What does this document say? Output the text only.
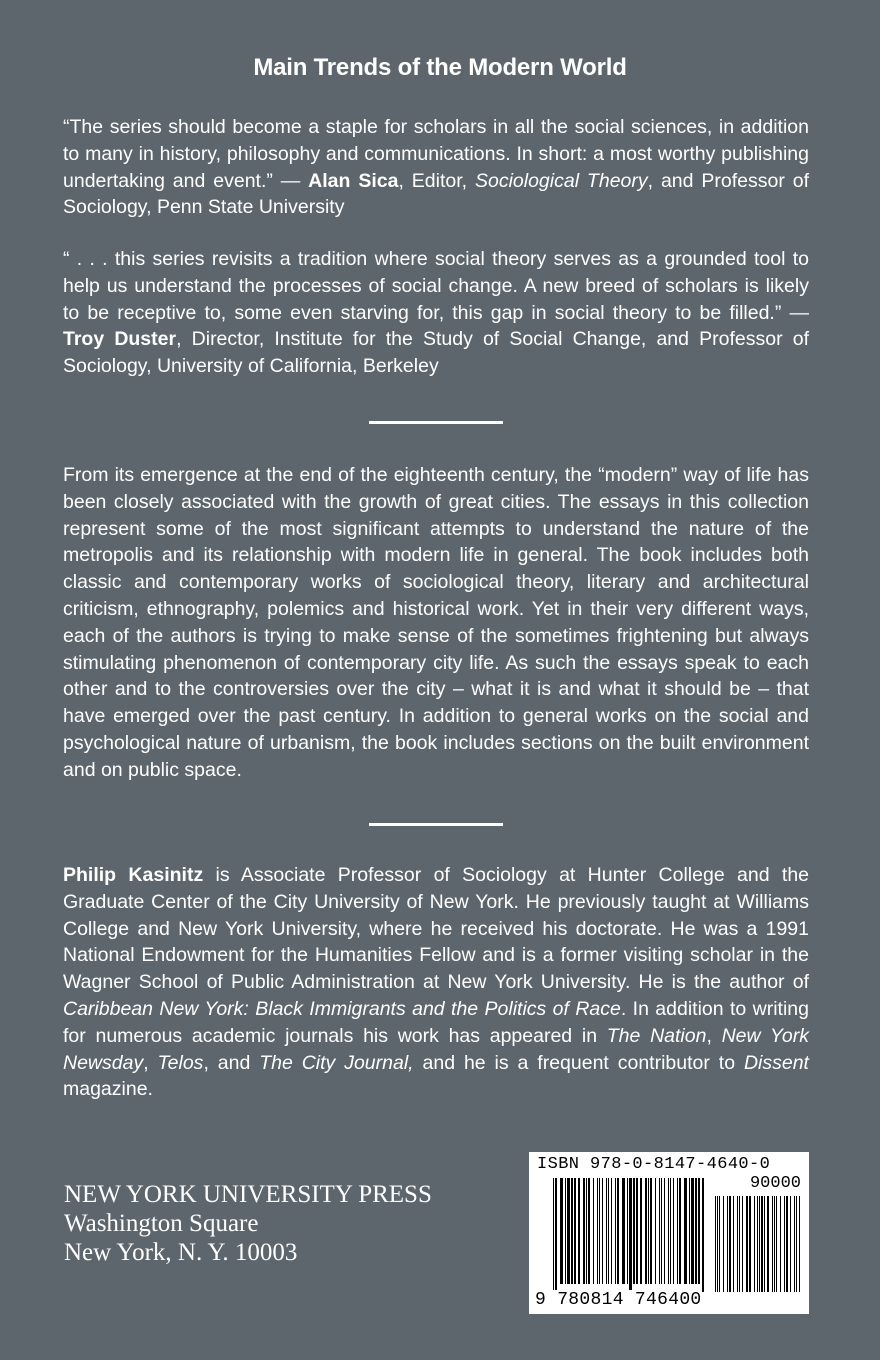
Main Trends of the Modern World
“The series should become a staple for scholars in all the social sciences, in addition to many in history, philosophy and communications. In short: a most worthy publishing undertaking and event.” — Alan Sica, Editor, Sociological Theory, and Professor of Sociology, Penn State University
“ . . . this series revisits a tradition where social theory serves as a grounded tool to help us understand the processes of social change. A new breed of scholars is likely to be receptive to, some even starving for, this gap in social theory to be filled.” — Troy Duster, Director, Institute for the Study of Social Change, and Professor of Sociology, University of California, Berkeley
From its emergence at the end of the eighteenth century, the “modern” way of life has been closely associated with the growth of great cities. The essays in this collection represent some of the most significant attempts to understand the nature of the metropolis and its relationship with modern life in general. The book includes both classic and contemporary works of sociological theory, literary and architectural criticism, ethnography, polemics and historical work. Yet in their very different ways, each of the authors is trying to make sense of the sometimes frightening but always stimulating phenomenon of contemporary city life. As such the essays speak to each other and to the controversies over the city – what it is and what it should be – that have emerged over the past century. In addition to general works on the social and psychological nature of urbanism, the book includes sections on the built environment and on public space.
Philip Kasinitz is Associate Professor of Sociology at Hunter College and the Graduate Center of the City University of New York. He previously taught at Williams College and New York University, where he received his doctorate. He was a 1991 National Endowment for the Humanities Fellow and is a former visiting scholar in the Wagner School of Public Administration at New York University. He is the author of Caribbean New York: Black Immigrants and the Politics of Race. In addition to writing for numerous academic journals his work has appeared in The Nation, New York Newsday, Telos, and The City Journal, and he is a frequent contributor to Dissent magazine.
NEW YORK UNIVERSITY PRESS
Washington Square
New York, N. Y. 10003
ISBN 978-0-8147-4640-0
90000
9 780814 746400
